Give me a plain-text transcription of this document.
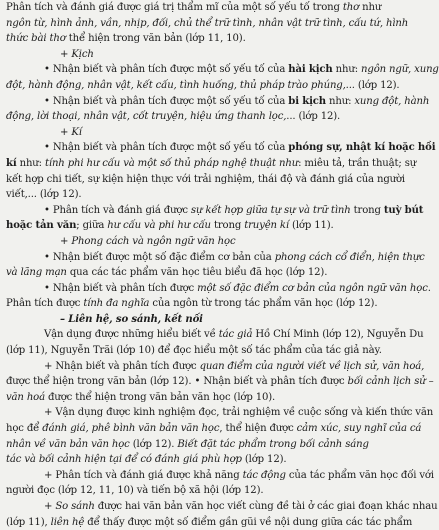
Phân tích và đánh giá được giá trị thẩm mĩ của một số yếu tố trong thơ như
ngôn từ, hình ảnh, vần, nhịp, đối, chủ thể trữ tình, nhân vật trữ tình, cấu tứ, hình
thức bài thơ thể hiện trong văn bản (lớp 11, 10).
+ Kịch
• Nhận biết và phân tích được một số yếu tố của hài kịch như: ngôn ngữ, xung
đột, hành động, nhân vật, kết cấu, tình huống, thủ pháp trào phúng,... (lớp 12).
• Nhận biết và phân tích được một số yếu tố của bi kịch như: xung đột, hành
động, lời thoại, nhân vật, cốt truyện, hiệu ứng thanh lọc,... (lớp 12).
+ Kí
• Nhận biết và phân tích được một số yếu tố của phóng sự, nhật kí hoặc hồi
kí như: tính phi hư cấu và một số thủ pháp nghệ thuật như: miêu tả, trần thuật; sự
kết hợp chi tiết, sự kiện hiện thực với trải nghiệm, thái độ và đánh giá của người
viết,... (lớp 12).
• Phân tích và đánh giá được sự kết hợp giữa tự sự và trữ tình trong tuỳ bút
hoặc tản văn; giữa hư cấu và phi hư cấu trong truyện kí (lớp 11).
+ Phong cách và ngôn ngữ văn học
• Nhận biết được một số đặc điểm cơ bản của phong cách cổ điển, hiện thực
và lãng mạn qua các tác phẩm văn học tiêu biểu đã học (lớp 12).
• Nhận biết và phân tích được một số đặc điểm cơ bản của ngôn ngữ văn học.
Phân tích được tính đa nghĩa của ngôn từ trong tác phẩm văn học (lớp 12).
– Liên hệ, so sánh, kết nối
Vận dụng được những hiểu biết về tác giả Hồ Chí Minh (lớp 12), Nguyễn Du
(lớp 11), Nguyễn Trãi (lớp 10) để đọc hiểu một số tác phẩm của tác giả này.
+ Nhận biết và phân tích được quan điểm của người viết về lịch sử, văn hoá,
được thể hiện trong văn bản (lớp 12). • Nhận biết và phân tích được bối cảnh lịch sử –
văn hoá được thể hiện trong văn bản văn học (lớp 10).
+ Vận dụng được kinh nghiệm đọc, trải nghiệm về cuộc sống và kiến thức văn
học để đánh giá, phê bình văn bản văn học, thể hiện được cảm xúc, suy nghĩ của cá
nhân về văn bản văn học (lớp 12). Biết đặt tác phẩm trong bối cảnh sáng
tác và bối cảnh hiện tại để có đánh giá phù hợp (lớp 12).
+ Phân tích và đánh giá được khả năng tác động của tác phẩm văn học đối với
người đọc (lớp 12, 11, 10) và tiến bộ xã hội (lớp 12).
+ So sánh được hai văn bản văn học viết cùng đề tài ở các giai đoạn khác nhau
(lớp 11), liên hệ để thấy được một số điểm gần gũi về nội dung giữa các tác phẩm
